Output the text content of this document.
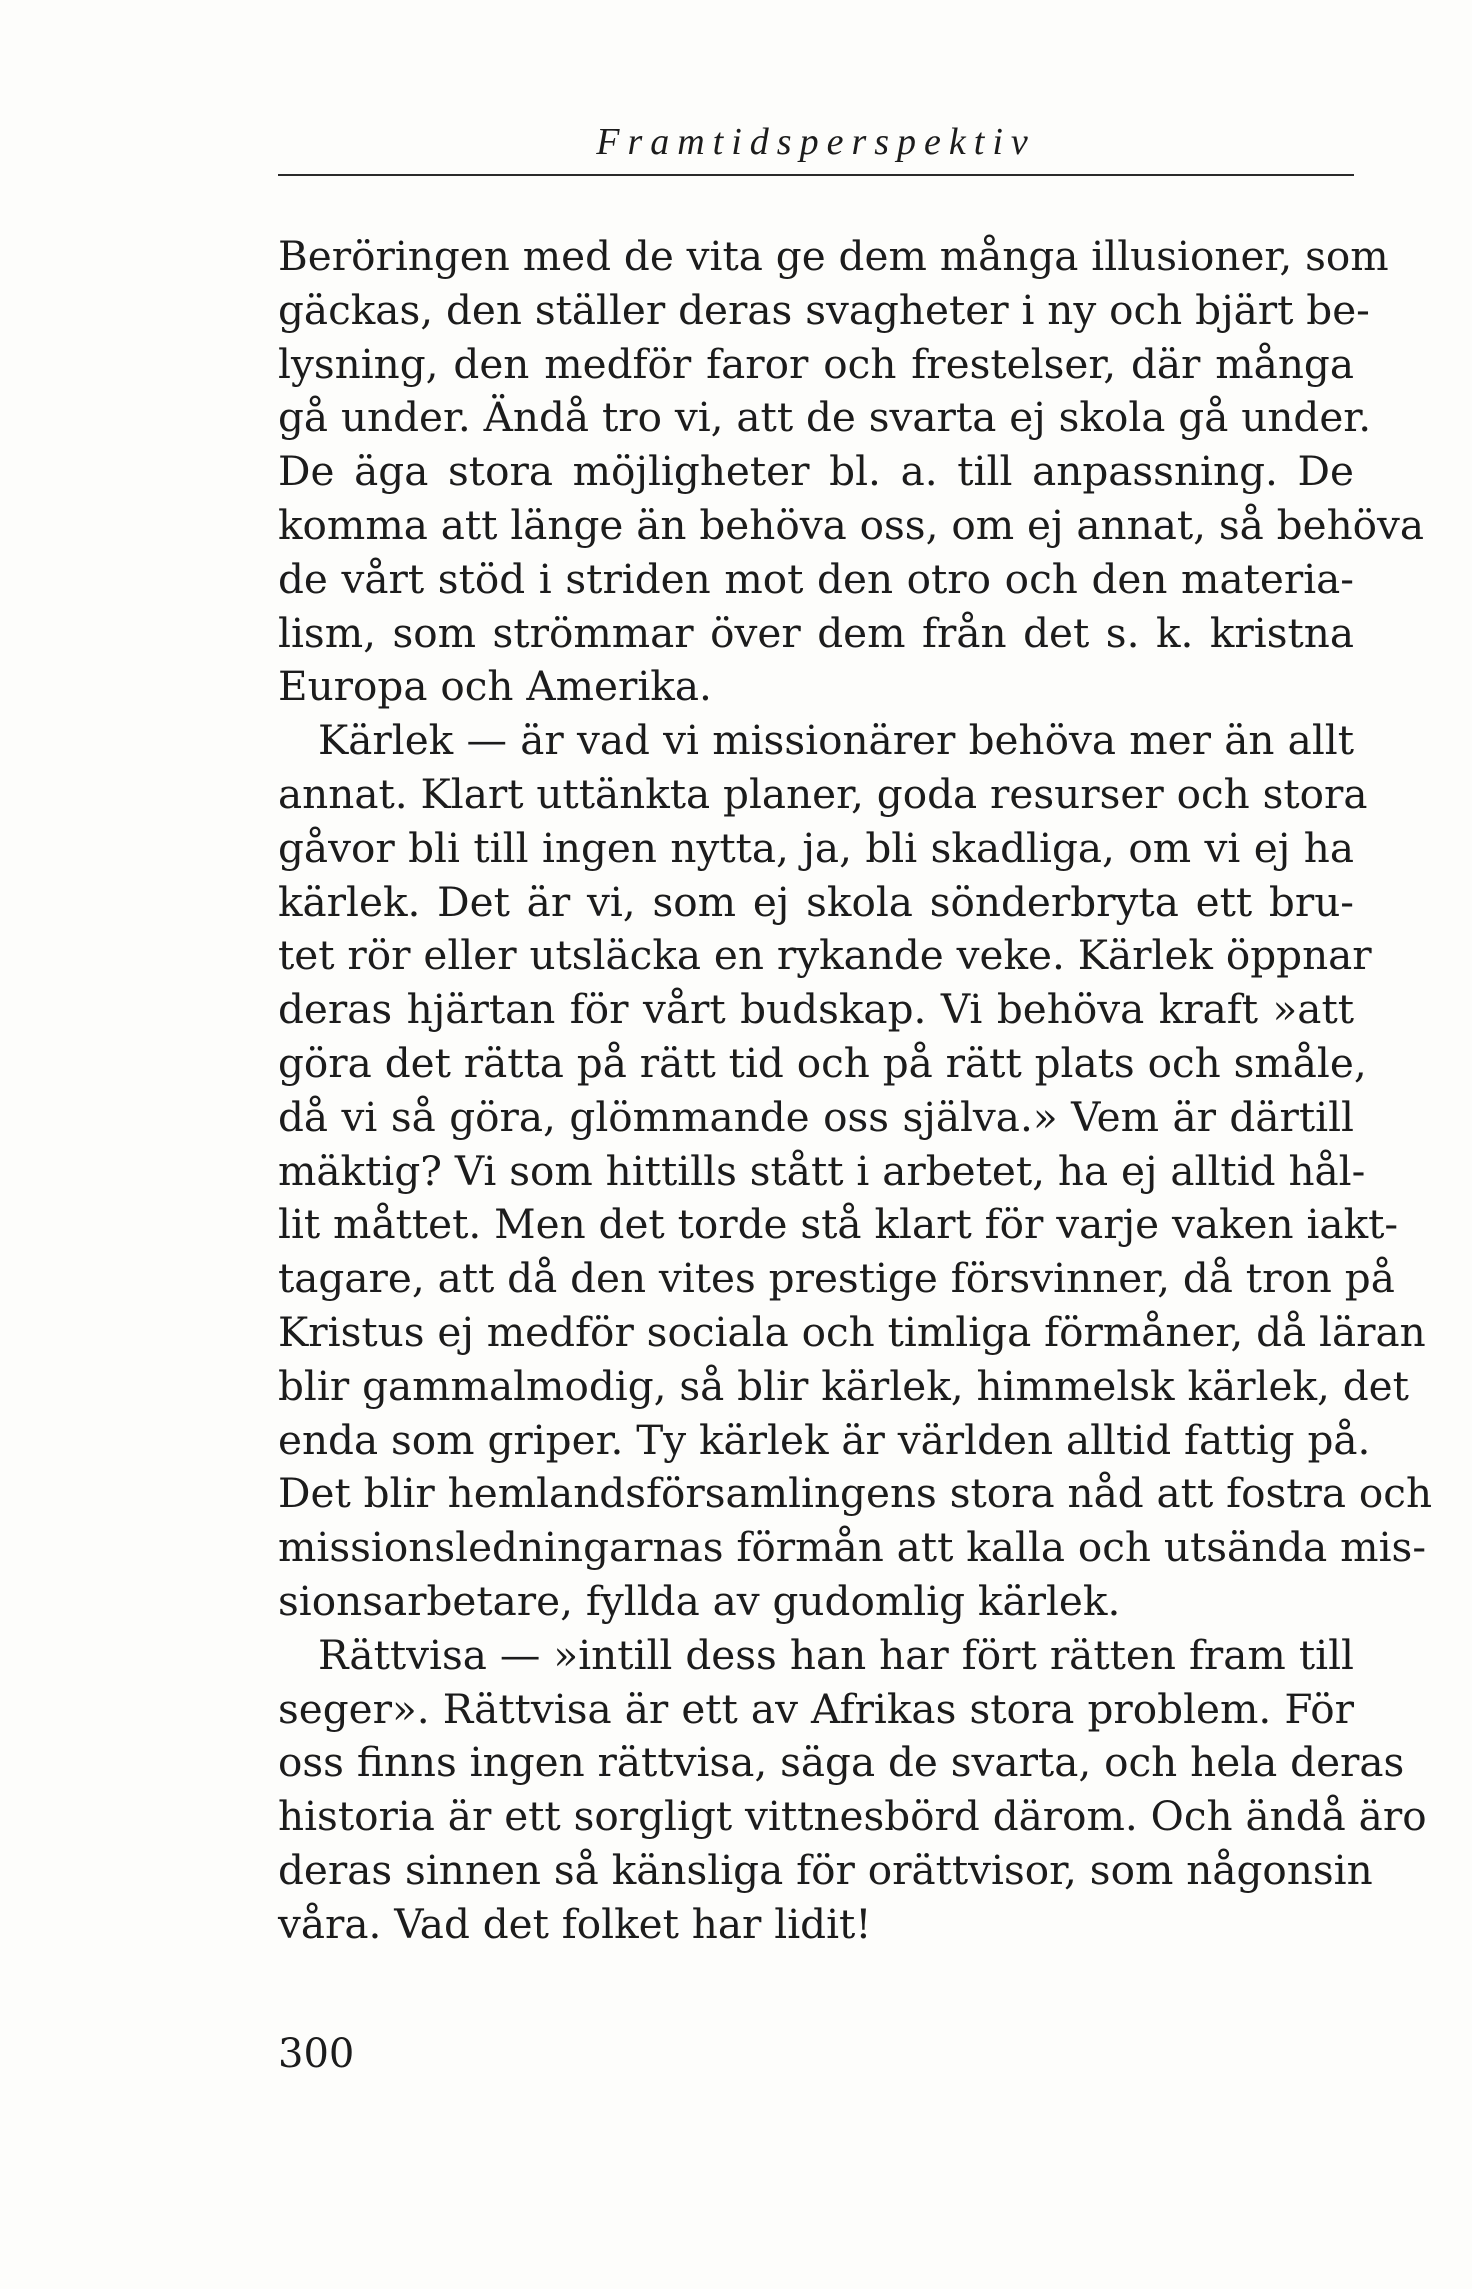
Framtidsperspektiv
Beröringen med de vita ge dem många illusioner, som
gäckas, den ställer deras svagheter i ny och bjärt be-
lysning, den medför faror och frestelser, där många
gå under. Ändå tro vi, att de svarta ej skola gå under.
De äga stora möjligheter bl. a. till anpassning. De
komma att länge än behöva oss, om ej annat, så behöva
de vårt stöd i striden mot den otro och den materia-
lism, som strömmar över dem från det s. k. kristna
Europa och Amerika.
Kärlek — är vad vi missionärer behöva mer än allt
annat. Klart uttänkta planer, goda resurser och stora
gåvor bli till ingen nytta, ja, bli skadliga, om vi ej ha
kärlek. Det är vi, som ej skola sönderbryta ett bru-
tet rör eller utsläcka en rykande veke. Kärlek öppnar
deras hjärtan för vårt budskap. Vi behöva kraft »att
göra det rätta på rätt tid och på rätt plats och småle,
då vi så göra, glömmande oss själva.» Vem är därtill
mäktig? Vi som hittills stått i arbetet, ha ej alltid hål-
lit måttet. Men det torde stå klart för varje vaken iakt-
tagare, att då den vites prestige försvinner, då tron på
Kristus ej medför sociala och timliga förmåner, då läran
blir gammalmodig, så blir kärlek, himmelsk kärlek, det
enda som griper. Ty kärlek är världen alltid fattig på.
Det blir hemlandsförsamlingens stora nåd att fostra och
missionsledningarnas förmån att kalla och utsända mis-
sionsarbetare, fyllda av gudomlig kärlek.
Rättvisa — »intill dess han har fört rätten fram till
seger». Rättvisa är ett av Afrikas stora problem. För
oss finns ingen rättvisa, säga de svarta, och hela deras
historia är ett sorgligt vittnesbörd därom. Och ändå äro
deras sinnen så känsliga för orättvisor, som någonsin
våra. Vad det folket har lidit!
300
